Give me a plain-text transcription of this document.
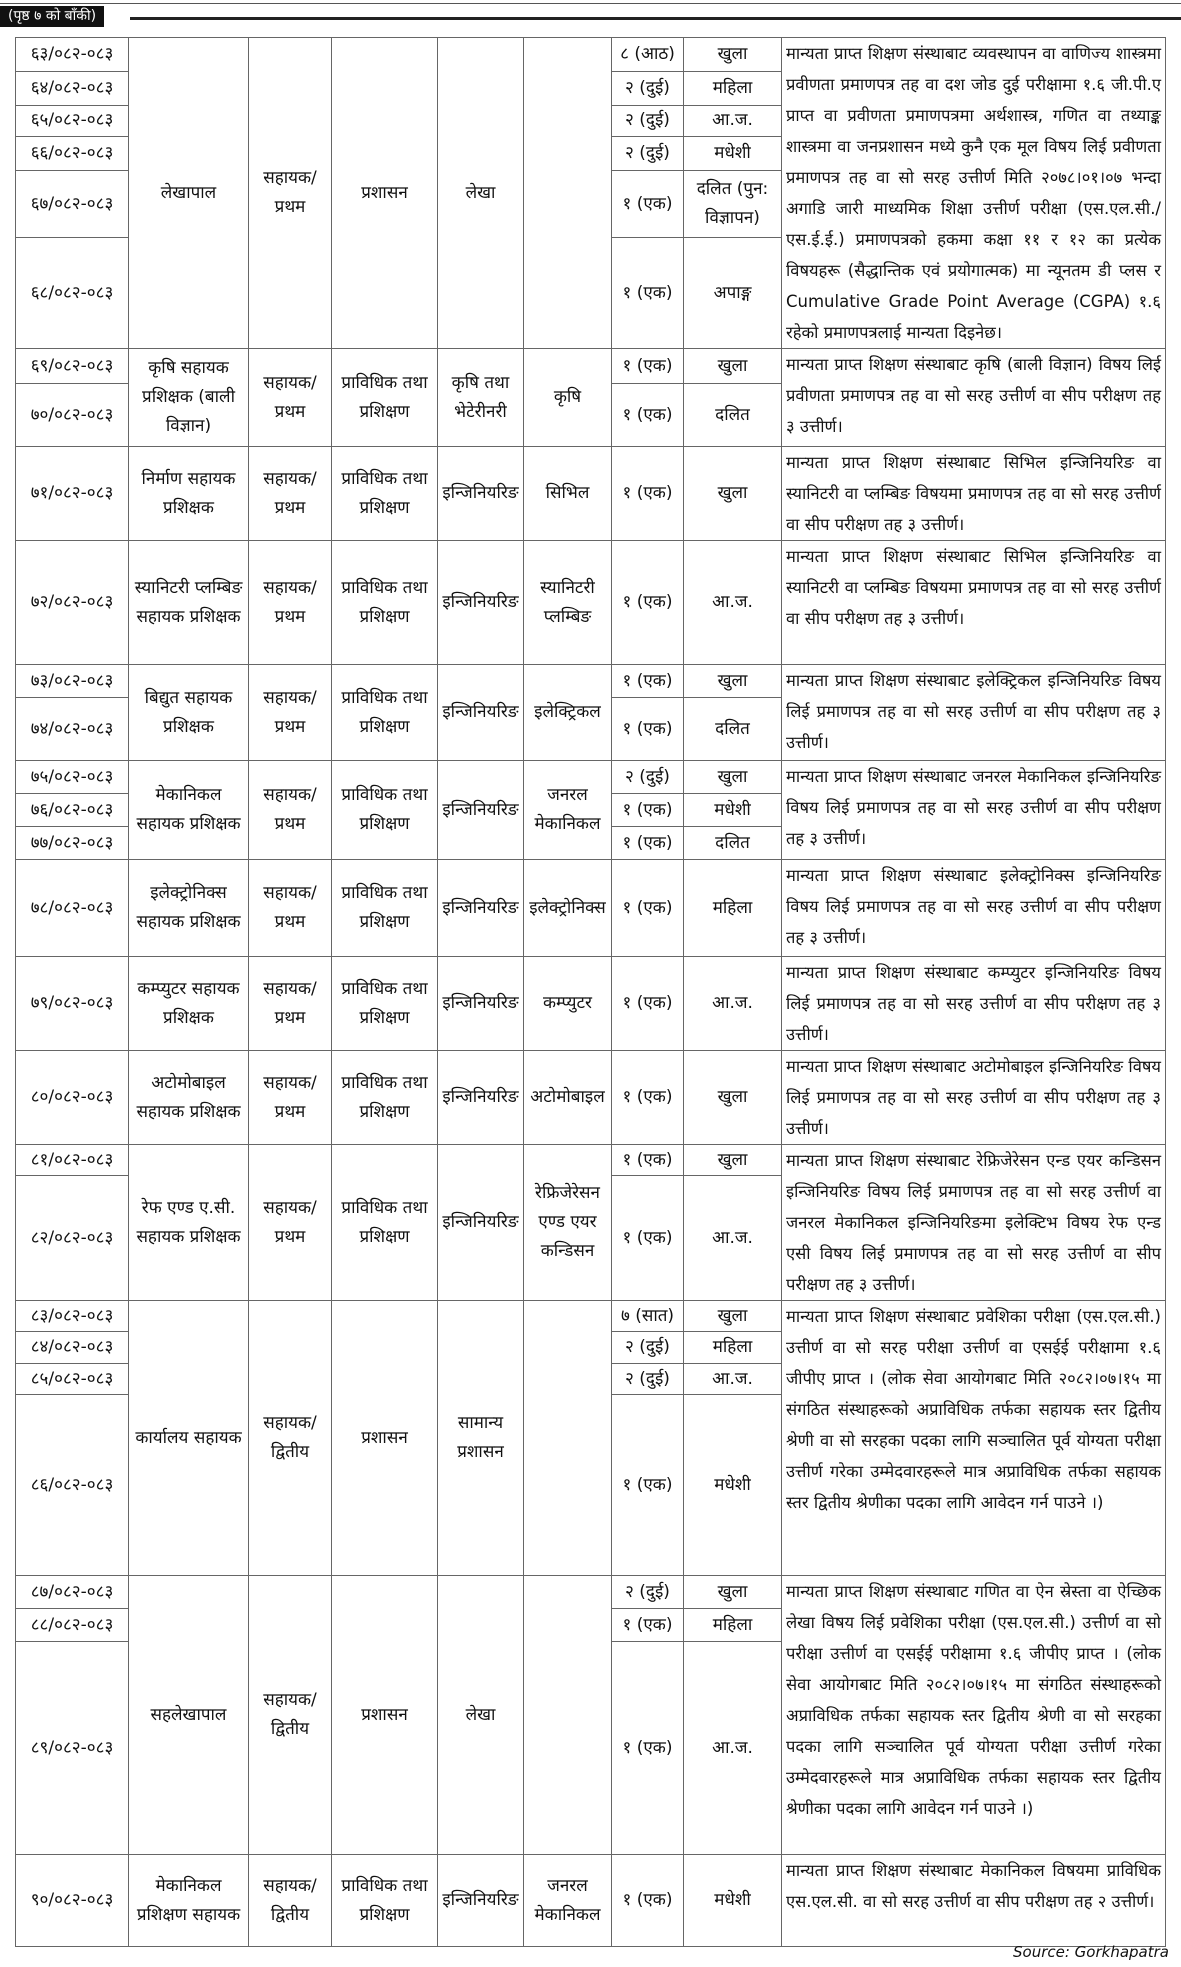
(पृष्ठ ७ को बाँकी)
६३/०८२-०८३	लेखापाल	सहायक/ प्रथम	प्रशासन	लेखा		८ (आठ)	खुला	मान्यता प्राप्त शिक्षण संस्थाबाट व्यवस्थापन वा वाणिज्य शास्त्रमा प्रवीणता प्रमाणपत्र तह वा दश जोड दुई परीक्षामा १.६ जी.पी.ए प्राप्त वा प्रवीणता प्रमाणपत्रमा अर्थशास्त्र, गणित वा तथ्याङ्क शास्त्रमा वा जनप्रशासन मध्ये कुनै एक मूल विषय लिई प्रवीणता प्रमाणपत्र तह वा सो सरह उत्तीर्ण मिति २०७८।०१।०७ भन्दा अगाडि जारी माध्यमिक शिक्षा उत्तीर्ण परीक्षा (एस.एल.सी./एस.ई.ई.) प्रमाणपत्रको हकमा कक्षा ११ र १२ का प्रत्येक विषयहरू (सैद्धान्तिक एवं प्रयोगात्मक) मा न्यूनतम डी प्लस र Cumulative Grade Point Average (CGPA) १.६ रहेको प्रमाणपत्रलाई मान्यता दिइनेछ।
६४/०८२-०८३						२ (दुई)	महिला	
६५/०८२-०८३						२ (दुई)	आ.ज.	
६६/०८२-०८३						२ (दुई)	मधेशी	
६७/०८२-०८३						१ (एक)	दलित (पुन: विज्ञापन)	
६८/०८२-०८३						१ (एक)	अपाङ्ग	
६९/०८२-०८३	कृषि सहायक प्रशिक्षक (बाली विज्ञान)	सहायक/ प्रथम	प्राविधिक तथा प्रशिक्षण	कृषि तथा भेटेरीनरी	कृषि	१ (एक)	खुला	मान्यता प्राप्त शिक्षण संस्थाबाट कृषि (बाली विज्ञान) विषय लिई प्रवीणता प्रमाणपत्र तह वा सो सरह उत्तीर्ण वा सीप परीक्षण तह ३ उत्तीर्ण।
७०/०८२-०८३						१ (एक)	दलित	
७१/०८२-०८३	निर्माण सहायक प्रशिक्षक	सहायक/ प्रथम	प्राविधिक तथा प्रशिक्षण	इन्जिनियरिङ	सिभिल	१ (एक)	खुला	मान्यता प्राप्त शिक्षण संस्थाबाट सिभिल इन्जिनियरिङ वा स्यानिटरी वा प्लम्बिङ विषयमा प्रमाणपत्र तह वा सो सरह उत्तीर्ण वा सीप परीक्षण तह ३ उत्तीर्ण।
७२/०८२-०८३	स्यानिटरी प्लम्बिङ सहायक प्रशिक्षक	सहायक/ प्रथम	प्राविधिक तथा प्रशिक्षण	इन्जिनियरिङ	स्यानिटरी प्लम्बिङ	१ (एक)	आ.ज.	मान्यता प्राप्त शिक्षण संस्थाबाट सिभिल इन्जिनियरिङ वा स्यानिटरी वा प्लम्बिङ विषयमा प्रमाणपत्र तह वा सो सरह उत्तीर्ण वा सीप परीक्षण तह ३ उत्तीर्ण।
७३/०८२-०८३	बिद्युत सहायक प्रशिक्षक	सहायक/ प्रथम	प्राविधिक तथा प्रशिक्षण	इन्जिनियरिङ	इलेक्ट्रिकल	१ (एक)	खुला	मान्यता प्राप्त शिक्षण संस्थाबाट इलेक्ट्रिकल इन्जिनियरिङ विषय लिई प्रमाणपत्र तह वा सो सरह उत्तीर्ण वा सीप परीक्षण तह ३ उत्तीर्ण।
७४/०८२-०८३						१ (एक)	दलित	
७५/०८२-०८३	मेकानिकल सहायक प्रशिक्षक	सहायक/ प्रथम	प्राविधिक तथा प्रशिक्षण	इन्जिनियरिङ	जनरल मेकानिकल	२ (दुई)	खुला	मान्यता प्राप्त शिक्षण संस्थाबाट जनरल मेकानिकल इन्जिनियरिङ विषय लिई प्रमाणपत्र तह वा सो सरह उत्तीर्ण वा सीप परीक्षण तह ३ उत्तीर्ण।
७६/०८२-०८३						१ (एक)	मधेशी	
७७/०८२-०८३						१ (एक)	दलित	
७८/०८२-०८३	इलेक्ट्रोनिक्स सहायक प्रशिक्षक	सहायक/ प्रथम	प्राविधिक तथा प्रशिक्षण	इन्जिनियरिङ	इलेक्ट्रोनिक्स	१ (एक)	महिला	मान्यता प्राप्त शिक्षण संस्थाबाट इलेक्ट्रोनिक्स इन्जिनियरिङ विषय लिई प्रमाणपत्र तह वा सो सरह उत्तीर्ण वा सीप परीक्षण तह ३ उत्तीर्ण।
७९/०८२-०८३	कम्प्युटर सहायक प्रशिक्षक	सहायक/ प्रथम	प्राविधिक तथा प्रशिक्षण	इन्जिनियरिङ	कम्प्युटर	१ (एक)	आ.ज.	मान्यता प्राप्त शिक्षण संस्थाबाट कम्प्युटर इन्जिनियरिङ विषय लिई प्रमाणपत्र तह वा सो सरह उत्तीर्ण वा सीप परीक्षण तह ३ उत्तीर्ण।
८०/०८२-०८३	अटोमोबाइल सहायक प्रशिक्षक	सहायक/ प्रथम	प्राविधिक तथा प्रशिक्षण	इन्जिनियरिङ	अटोमोबाइल	१ (एक)	खुला	मान्यता प्राप्त शिक्षण संस्थाबाट अटोमोबाइल इन्जिनियरिङ विषय लिई प्रमाणपत्र तह वा सो सरह उत्तीर्ण वा सीप परीक्षण तह ३ उत्तीर्ण।
८१/०८२-०८३	रेफ एण्ड ए.सी. सहायक प्रशिक्षक	सहायक/ प्रथम	प्राविधिक तथा प्रशिक्षण	इन्जिनियरिङ	रेफ्रिजेरेसन एण्ड एयर कन्डिसन	१ (एक)	खुला	मान्यता प्राप्त शिक्षण संस्थाबाट रेफ्रिजेरेसन एन्ड एयर कन्डिसन इन्जिनियरिङ विषय लिई प्रमाणपत्र तह वा सो सरह उत्तीर्ण वा जनरल मेकानिकल इन्जिनियरिङमा इलेक्टिभ विषय रेफ एन्ड एसी विषय लिई प्रमाणपत्र तह वा सो सरह उत्तीर्ण वा सीप परीक्षण तह ३ उत्तीर्ण।
८२/०८२-०८३						१ (एक)	आ.ज.	
८३/०८२-०८३	कार्यालय सहायक	सहायक/ द्वितीय	प्रशासन	सामान्य प्रशासन		७ (सात)	खुला	मान्यता प्राप्त शिक्षण संस्थाबाट प्रवेशिका परीक्षा (एस.एल.सी.) उत्तीर्ण वा सो सरह परीक्षा उत्तीर्ण वा एसईई परीक्षामा १.६ जीपीए प्राप्त । (लोक सेवा आयोगबाट मिति २०८२।०७।१५ मा संगठित संस्थाहरूको अप्राविधिक तर्फका सहायक स्तर द्वितीय श्रेणी वा सो सरहका पदका लागि सञ्चालित पूर्व योग्यता परीक्षा उत्तीर्ण गरेका उम्मेदवारहरूले मात्र अप्राविधिक तर्फका सहायक स्तर द्वितीय श्रेणीका पदका लागि आवेदन गर्न पाउने ।)
८४/०८२-०८३						२ (दुई)	महिला	
८५/०८२-०८३						२ (दुई)	आ.ज.	
८६/०८२-०८३						१ (एक)	मधेशी	
८७/०८२-०८३	सहलेखापाल	सहायक/ द्वितीय	प्रशासन	लेखा		२ (दुई)	खुला	मान्यता प्राप्त शिक्षण संस्थाबाट गणित वा ऐन स्रेस्ता वा ऐच्छिक लेखा विषय लिई प्रवेशिका परीक्षा (एस.एल.सी.) उत्तीर्ण वा सो परीक्षा उत्तीर्ण वा एसईई परीक्षामा १.६ जीपीए प्राप्त । (लोक सेवा आयोगबाट मिति २०८२।०७।१५ मा संगठित संस्थाहरूको अप्राविधिक तर्फका सहायक स्तर द्वितीय श्रेणी वा सो सरहका पदका लागि सञ्चालित पूर्व योग्यता परीक्षा उत्तीर्ण गरेका उम्मेदवारहरूले मात्र अप्राविधिक तर्फका सहायक स्तर द्वितीय श्रेणीका पदका लागि आवेदन गर्न पाउने ।)
८८/०८२-०८३						१ (एक)	महिला	
८९/०८२-०८३						१ (एक)	आ.ज.	
९०/०८२-०८३	मेकानिकल प्रशिक्षण सहायक	सहायक/ द्वितीय	प्राविधिक तथा प्रशिक्षण	इन्जिनियरिङ	जनरल मेकानिकल	१ (एक)	मधेशी	मान्यता प्राप्त शिक्षण संस्थाबाट मेकानिकल विषयमा प्राविधिक एस.एल.सी. वा सो सरह उत्तीर्ण वा सीप परीक्षण तह २ उत्तीर्ण।
Source: Gorkhapatra
